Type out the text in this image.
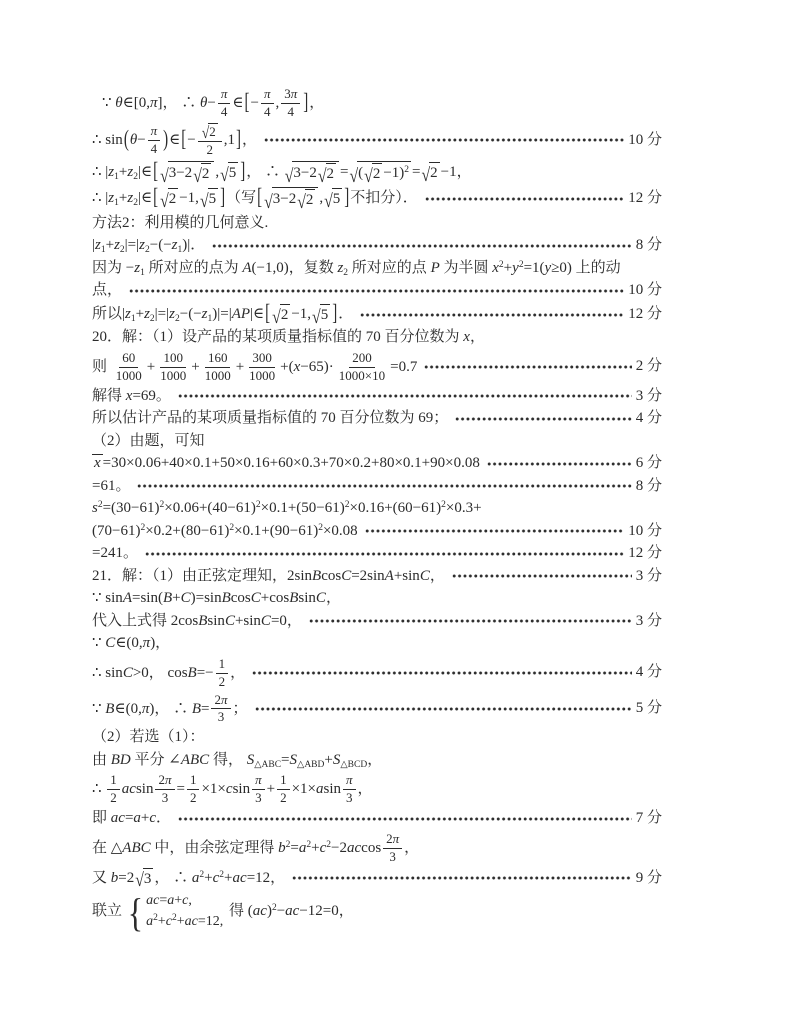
∵ θ∈[0,π]， ∴ $\theta- \frac{\pi}{4}$ ∈[− $\frac{\pi}{4}$ , $\frac{3\pi}{4}$ ]，
∴ $\sin(\theta- \frac{\pi}{4}$ )∈[− $\frac{√ 2}{2} ,1$]，	10 分
∴ $|z_1+z_2|\in$[ √ 3−2 √ 2 , √ 5 ]， ∴ √ 3−2 √ 2 = √ ( √ 2 −1)$^2$ = √ 2 −1，
∴ $|z_1+z_2|\in$[ √ 2 −1, √ 5 ]（写[ √ 3−2 √ 2 , √ 5 ]不扣分）．	12 分
方法2：利用模的几何意义.
$|z_1+z_2|=|z_2-(-z_1)|$．	8 分
因为 $-z_1$ 所对应的点为 A(−1,0)，复数 $z_2$ 所对应的点 P 为半圆 $x^2+y^2=1(y\ge 0)$ 上的动
点，	10 分
所以$|z_1+z_2|=|z_2-(-z_1)|=|AP|\in$[ √ 2 −1, √ 5 ]．	12 分
20．解：（1）设产品的某项质量指标值的 70 百分位数为 x，
则 $\frac{60}{1000} + \frac{100}{1000} + \frac{160}{1000} + \frac{300}{1000} +(x-65)\cdot \frac{200}{1000\times 10} =0.7$	2 分
解得 x=69。	3 分
所以估计产品的某项质量指标值的 70 百分位数为 69；	4 分
（2）由题，可知
x =30×0.06+40×0.1+50×0.16+60×0.3+70×0.2+80×0.1+90×0.08	6 分
=61。	8 分
$s^2=(30-61)^2\times 0.06+(40-61)^2\times 0.1+(50-61)^2\times 0.16+(60-61)^2\times 0.3+$
$(70-61)^2\times 0.2+(80-61)^2\times 0.1+(90-61)^2\times 0.08$	10 分
=241。	12 分
21．解：（1）由正弦定理知，2sinBcosC=2sinA+sinC，	3 分
∵ sinA=sin(B+C)=sinBcosC+cosBsinC，
代入上式得 2cosBsinC+sinC=0，	3 分
∵ C∈(0,π)，
∴ sinC>0， $\cos B=- \frac{1}{2}$ ，	4 分
∵ B∈(0,π)， ∴ $B= \frac{2\pi}{3}$ ；	5 分
（2）若选（1）：
由 BD 平分 ∠ABC 得， $S_{\triangle ABC}=S_{\triangle ABD}+S_{\triangle BCD}$，
∴ $\frac{1}{2}$ acsin $\frac{2\pi}{3} = \frac{1}{2} \times 1\times csin \frac{\pi}{3} + \frac{1}{2} \times 1\times asin \frac{\pi}{3}$ ，
即 ac=a+c．	7 分
在 △ABC 中，由余弦定理得 $b^2=a^2+c^2-2accos \frac{2\pi}{3}$ ，
又 b=2 √ 3 ， ∴ $a^2+c^2+ac=12$，	9 分
联立 { ac=a+c,
$a^2+c^2+ac=12$,
得 (ac)$^2$−ac−12=0，
